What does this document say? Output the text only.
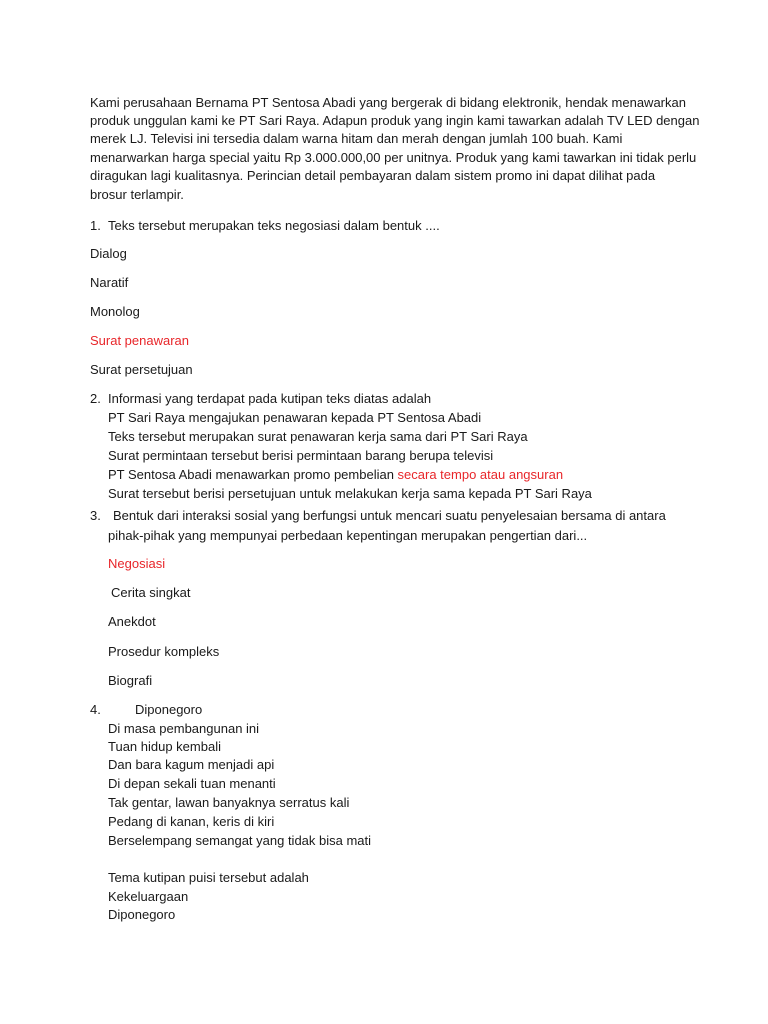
Kami perusahaan Bernama PT Sentosa Abadi yang bergerak di bidang elektronik, hendak menawarkan
produk unggulan kami ke PT Sari Raya. Adapun produk yang ingin kami tawarkan adalah TV LED dengan
merek LJ. Televisi ini tersedia dalam warna hitam dan merah dengan jumlah 100 buah. Kami
menarwarkan harga special yaitu Rp 3.000.000,00 per unitnya. Produk yang kami tawarkan ini tidak perlu
diragukan lagi kualitasnya. Perincian detail pembayaran dalam sistem promo ini dapat dilihat pada
brosur terlampir.
1. Teks tersebut merupakan teks negosiasi dalam bentuk ....
Dialog
Naratif
Monolog
Surat penawaran
Surat persetujuan
2. Informasi yang terdapat pada kutipan teks diatas adalah
PT Sari Raya mengajukan penawaran kepada PT Sentosa Abadi
Teks tersebut merupakan surat penawaran kerja sama dari PT Sari Raya
Surat permintaan tersebut berisi permintaan barang berupa televisi
PT Sentosa Abadi menawarkan promo pembelian secara tempo atau angsuran
Surat tersebut berisi persetujuan untuk melakukan kerja sama kepada PT Sari Raya
3. Bentuk dari interaksi sosial yang berfungsi untuk mencari suatu penyelesaian bersama di antara
pihak-pihak yang mempunyai perbedaan kepentingan merupakan pengertian dari...
Negosiasi
Cerita singkat
Anekdot
Prosedur kompleks
Biografi
4.	Diponegoro
Di masa pembangunan ini
Tuan hidup kembali
Dan bara kagum menjadi api
Di depan sekali tuan menanti
Tak gentar, lawan banyaknya serratus kali
Pedang di kanan, keris di kiri
Berselempang semangat yang tidak bisa mati
Tema kutipan puisi tersebut adalah
Kekeluargaan
Diponegoro
